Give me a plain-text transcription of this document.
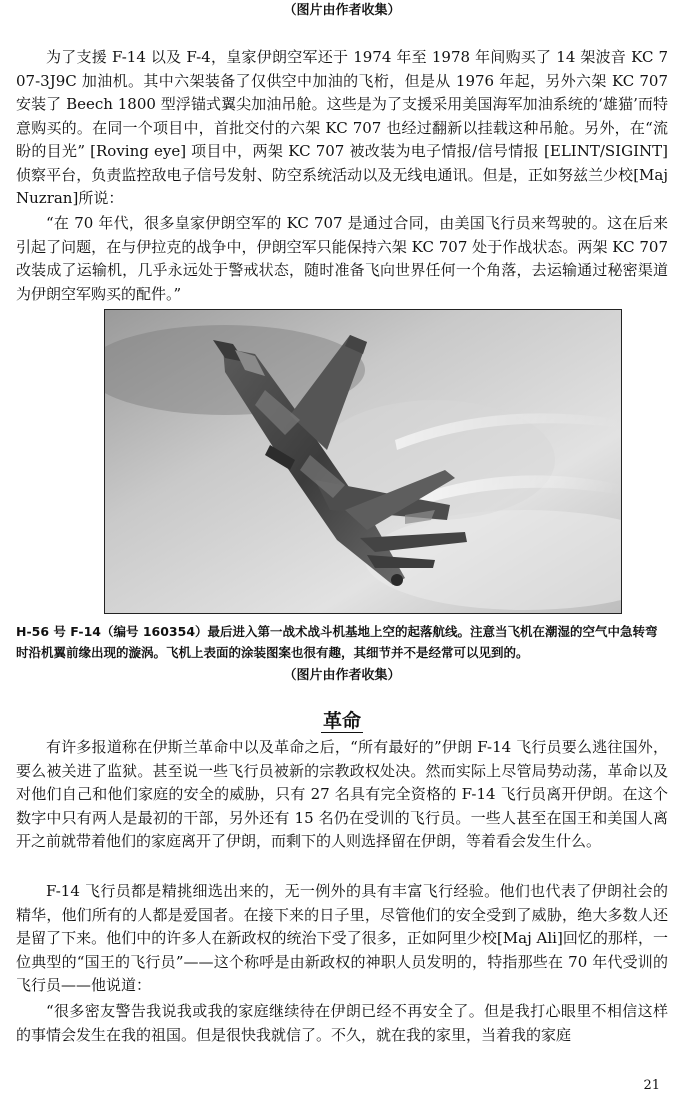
（图片由作者收集）

为了支援 F-14 以及 F-4，皇家伊朗空军还于 1974 年至 1978 年间购买了 14 架波音 KC 707-3J9C 加油机。其中六架装备了仅供空中加油的飞桁，但是从 1976 年起，另外六架 KC 707 安装了 Beech 1800 型浮锚式翼尖加油吊舱。这些是为了支援采用美国海军加油系统的‘雄猫’而特意购买的。在同一个项目中，首批交付的六架 KC 707 也经过翻新以挂载这种吊舱。另外，在“流盼的目光” [Roving eye] 项目中，两架 KC 707 被改装为电子情报/信号情报 [ELINT/SIGINT] 侦察平台，负责监控敌电子信号发射、防空系统活动以及无线电通讯。但是，正如努兹兰少校[Maj Nuzran]所说：

“在 70 年代，很多皇家伊朗空军的 KC 707 是通过合同，由美国飞行员来驾驶的。这在后来引起了问题，在与伊拉克的战争中，伊朗空军只能保持六架 KC 707 处于作战状态。两架 KC 707 改装成了运输机，几乎永远处于警戒状态，随时准备飞向世界任何一个角落，去运输通过秘密渠道为伊朗空军购买的配件。”

H-56 号 F-14（编号 160354）最后进入第一战术战斗机基地上空的起落航线。注意当飞机在潮湿的空气中急转弯时沿机翼前缘出现的漩涡。飞机上表面的涂装图案也很有趣，其细节并不是经常可以见到的。

（图片由作者收集）
革命

有许多报道称在伊斯兰革命中以及革命之后，“所有最好的”伊朗 F-14 飞行员要么逃往国外，要么被关进了监狱。甚至说一些飞行员被新的宗教政权处决。然而实际上尽管局势动荡，革命以及对他们自己和他们家庭的安全的威胁，只有 27 名具有完全资格的 F-14 飞行员离开伊朗。在这个数字中只有两人是最初的干部，另外还有 15 名仍在受训的飞行员。一些人甚至在国王和美国人离开之前就带着他们的家庭离开了伊朗，而剩下的人则选择留在伊朗，等着看会发生什么。

F-14 飞行员都是精挑细选出来的，无一例外的具有丰富飞行经验。他们也代表了伊朗社会的精华，他们所有的人都是爱国者。在接下来的日子里，尽管他们的安全受到了威胁，绝大多数人还是留了下来。他们中的许多人在新政权的统治下受了很多，正如阿里少校[Maj Ali]回忆的那样，一位典型的“国王的飞行员”——这个称呼是由新政权的神职人员发明的，特指那些在 70 年代受训的飞行员——他说道：

“很多密友警告我说我或我的家庭继续待在伊朗已经不再安全了。但是我打心眼里不相信这样的事情会发生在我的祖国。但是很快我就信了。不久，就在我的家里，当着我的家庭

21
